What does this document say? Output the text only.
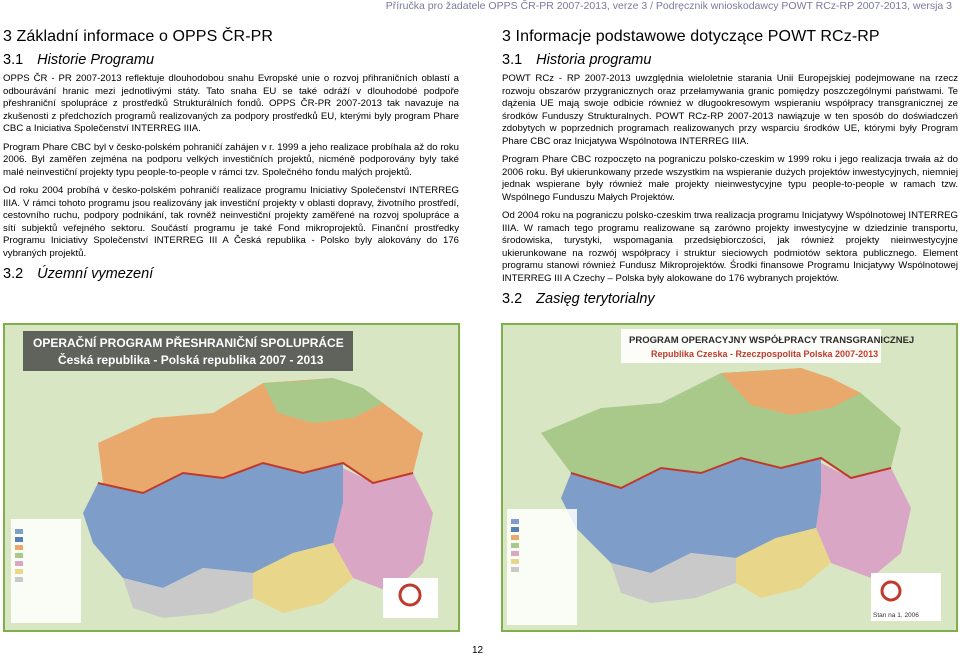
Příručka pro žadatele OPPS ČR-PR 2007-2013, verze 3 / Podręcznik wnioskodawcy POWT RCz-RP 2007-2013, wersja 3
3 Základní informace o OPPS ČR-PR
3.1 Historie Programu

OPPS ČR - PR 2007-2013 reflektuje dlouhodobou snahu Evropské unie o rozvoj přihraničních oblastí a odbourávání hranic mezi jednotlivými státy. Tato snaha EU se také odráží v dlouhodobé podpoře přeshraniční spolupráce z prostředků Strukturálních fondů. OPPS ČR-PR 2007-2013 tak navazuje na zkušenosti z předchozích programů realizovaných za podpory prostředků EU, kterými byly program Phare CBC a Iniciativa Společenství INTERREG IIIA.

Program Phare CBC byl v česko-polském pohraničí zahájen v r. 1999 a jeho realizace probíhala až do roku 2006. Byl zaměřen zejména na podporu velkých investičních projektů, nicméně podporovány byly také malé neinvestiční projekty typu people-to-people v rámci tzv. Společného fondu malých projektů.

Od roku 2004 probíhá v česko-polském pohraničí realizace programu Iniciativy Společenství INTERREG IIIA. V rámci tohoto programu jsou realizovány jak investiční projekty v oblasti dopravy, životního prostředí, cestovního ruchu, podpory podnikání, tak rovněž neinvestiční projekty zaměřené na rozvoj spolupráce a sítí subjektů veřejného sektoru. Součástí programu je také Fond mikroprojektů. Finanční prostředky Programu Iniciativy Společenství INTERREG III A Česká republika - Polsko byly alokovány do 176 vybraných projektů.

3.2 Územní vymezení
3 Informacje podstawowe dotyczące POWT RCz-RP
3.1 Historia programu

POWT RCz - RP 2007-2013 uwzględnia wieloletnie starania Unii Europejskiej podejmowane na rzecz rozwoju obszarów przygranicznych oraz przełamywania granic pomiędzy poszczególnymi państwami. Te dążenia UE mają swoje odbicie również w długookresowym wspieraniu współpracy transgranicznej ze środków Funduszy Strukturalnych. POWT RCz-RP 2007-2013 nawiązuje w ten sposób do doświadczeń zdobytych w poprzednich programach realizowanych przy wsparciu środków UE, którymi były Program Phare CBC oraz Inicjatywa Wspólnotowa INTERREG IIIA.

Program Phare CBC rozpoczęto na pograniczu polsko-czeskim w 1999 roku i jego realizacja trwała aż do 2006 roku. Był ukierunkowany przede wszystkim na wspieranie dużych projektów inwestycyjnych, niemniej jednak wspierane były również małe projekty nieinwestycyjne typu people-to-people w ramach tzw. Wspólnego Funduszu Małych Projektów.

Od 2004 roku na pograniczu polsko-czeskim trwa realizacja programu Inicjatywy Wspólnotowej INTERREG IIIA. W ramach tego programu realizowane są zarówno projekty inwestycyjne w dziedzinie transportu, środowiska, turystyki, wspomagania przedsiębiorczości, jak również projekty nieinwestycyjne ukierunkowane na rozwój współpracy i struktur sieciowych podmiotów sektora publicznego. Element programu stanowi również Fundusz Mikroprojektów. Środki finansowe Programu Inicjatywy Wspólnotowej INTERREG III A Czechy – Polska były alokowane do 176 wybranych projektów.

3.2 Zasięg terytorialny
OPERAČNÍ PROGRAM PŘESHRANIČNÍ SPOLUPRÁCE
Česká republika - Polská republika 2007 - 2013
PROGRAM OPERACYJNY WSPÓŁPRACY TRANSGRANICZNEJ
Republika Czeska - Rzeczpospolita Polska 2007-2013
Stan na 1. 2006
12
